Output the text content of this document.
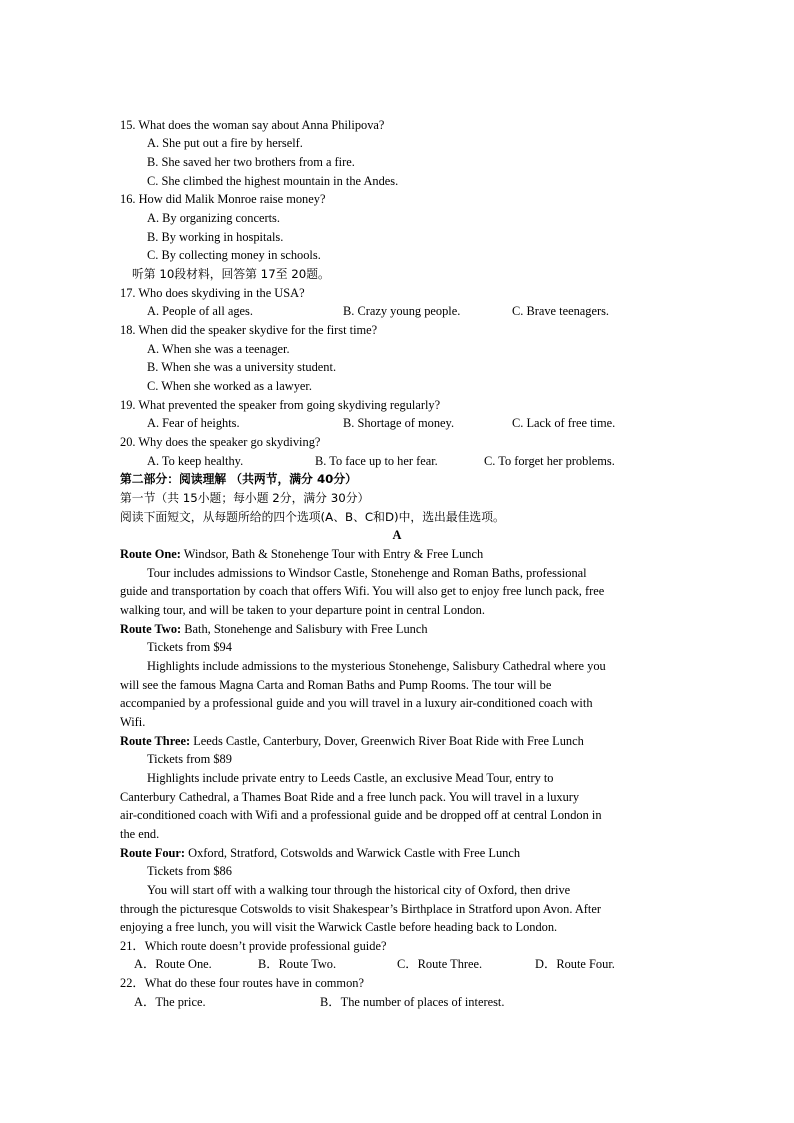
15. What does the woman say about Anna Philipova?
A. She put out a fire by herself.
B. She saved her two brothers from a fire.
C. She climbed the highest mountain in the Andes.
16. How did Malik Monroe raise money?
A. By organizing concerts.
B. By working in hospitals.
C. By collecting money in schools.
听第 10段材料，回答第 17至 20题。
17. Who does skydiving in the USA?
A. People of all ages.	B. Crazy young people.	C. Brave teenagers.
18. When did the speaker skydive for the first time?
A. When she was a teenager.
B. When she was a university student.
C. When she worked as a lawyer.
19. What prevented the speaker from going skydiving regularly?
A. Fear of heights.	B. Shortage of money.	C. Lack of free time.
20. Why does the speaker go skydiving?
A. To keep healthy.	B. To face up to her fear.	C. To forget her problems.
第二部分：阅读理解 （共两节，满分 40分）
第一节（共 15小题；每小题 2分，满分 30分）
阅读下面短文，从每题所给的四个选项(A、B、C和D)中，选出最佳选项。
A
Route One: Windsor, Bath & Stonehenge Tour with Entry & Free Lunch
Tour includes admissions to Windsor Castle, Stonehenge and Roman Baths, professional
guide and transportation by coach that offers Wifi. You will also get to enjoy free lunch pack, free
walking tour, and will be taken to your departure point in central London.
Route Two: Bath, Stonehenge and Salisbury with Free Lunch
Tickets from $94
Highlights include admissions to the mysterious Stonehenge, Salisbury Cathedral where you
will see the famous Magna Carta and Roman Baths and Pump Rooms. The tour will be
accompanied by a professional guide and you will travel in a luxury air-conditioned coach with
Wifi.
Route Three: Leeds Castle, Canterbury, Dover, Greenwich River Boat Ride with Free Lunch
Tickets from $89
Highlights include private entry to Leeds Castle, an exclusive Mead Tour, entry to
Canterbury Cathedral, a Thames Boat Ride and a free lunch pack. You will travel in a luxury
air-conditioned coach with Wifi and a professional guide and be dropped off at central London in
the end.
Route Four: Oxford, Stratford, Cotswolds and Warwick Castle with Free Lunch
Tickets from $86
You will start off with a walking tour through the historical city of Oxford, then drive
through the picturesque Cotswolds to visit Shakespear’s Birthplace in Stratford upon Avon. After
enjoying a free lunch, you will visit the Warwick Castle before heading back to London.
21．Which route doesn’t provide professional guide?
A．Route One.	B．Route Two.	C．Route Three.	D．Route Four.
22．What do these four routes have in common?
A．The price.	B．The number of places of interest.
